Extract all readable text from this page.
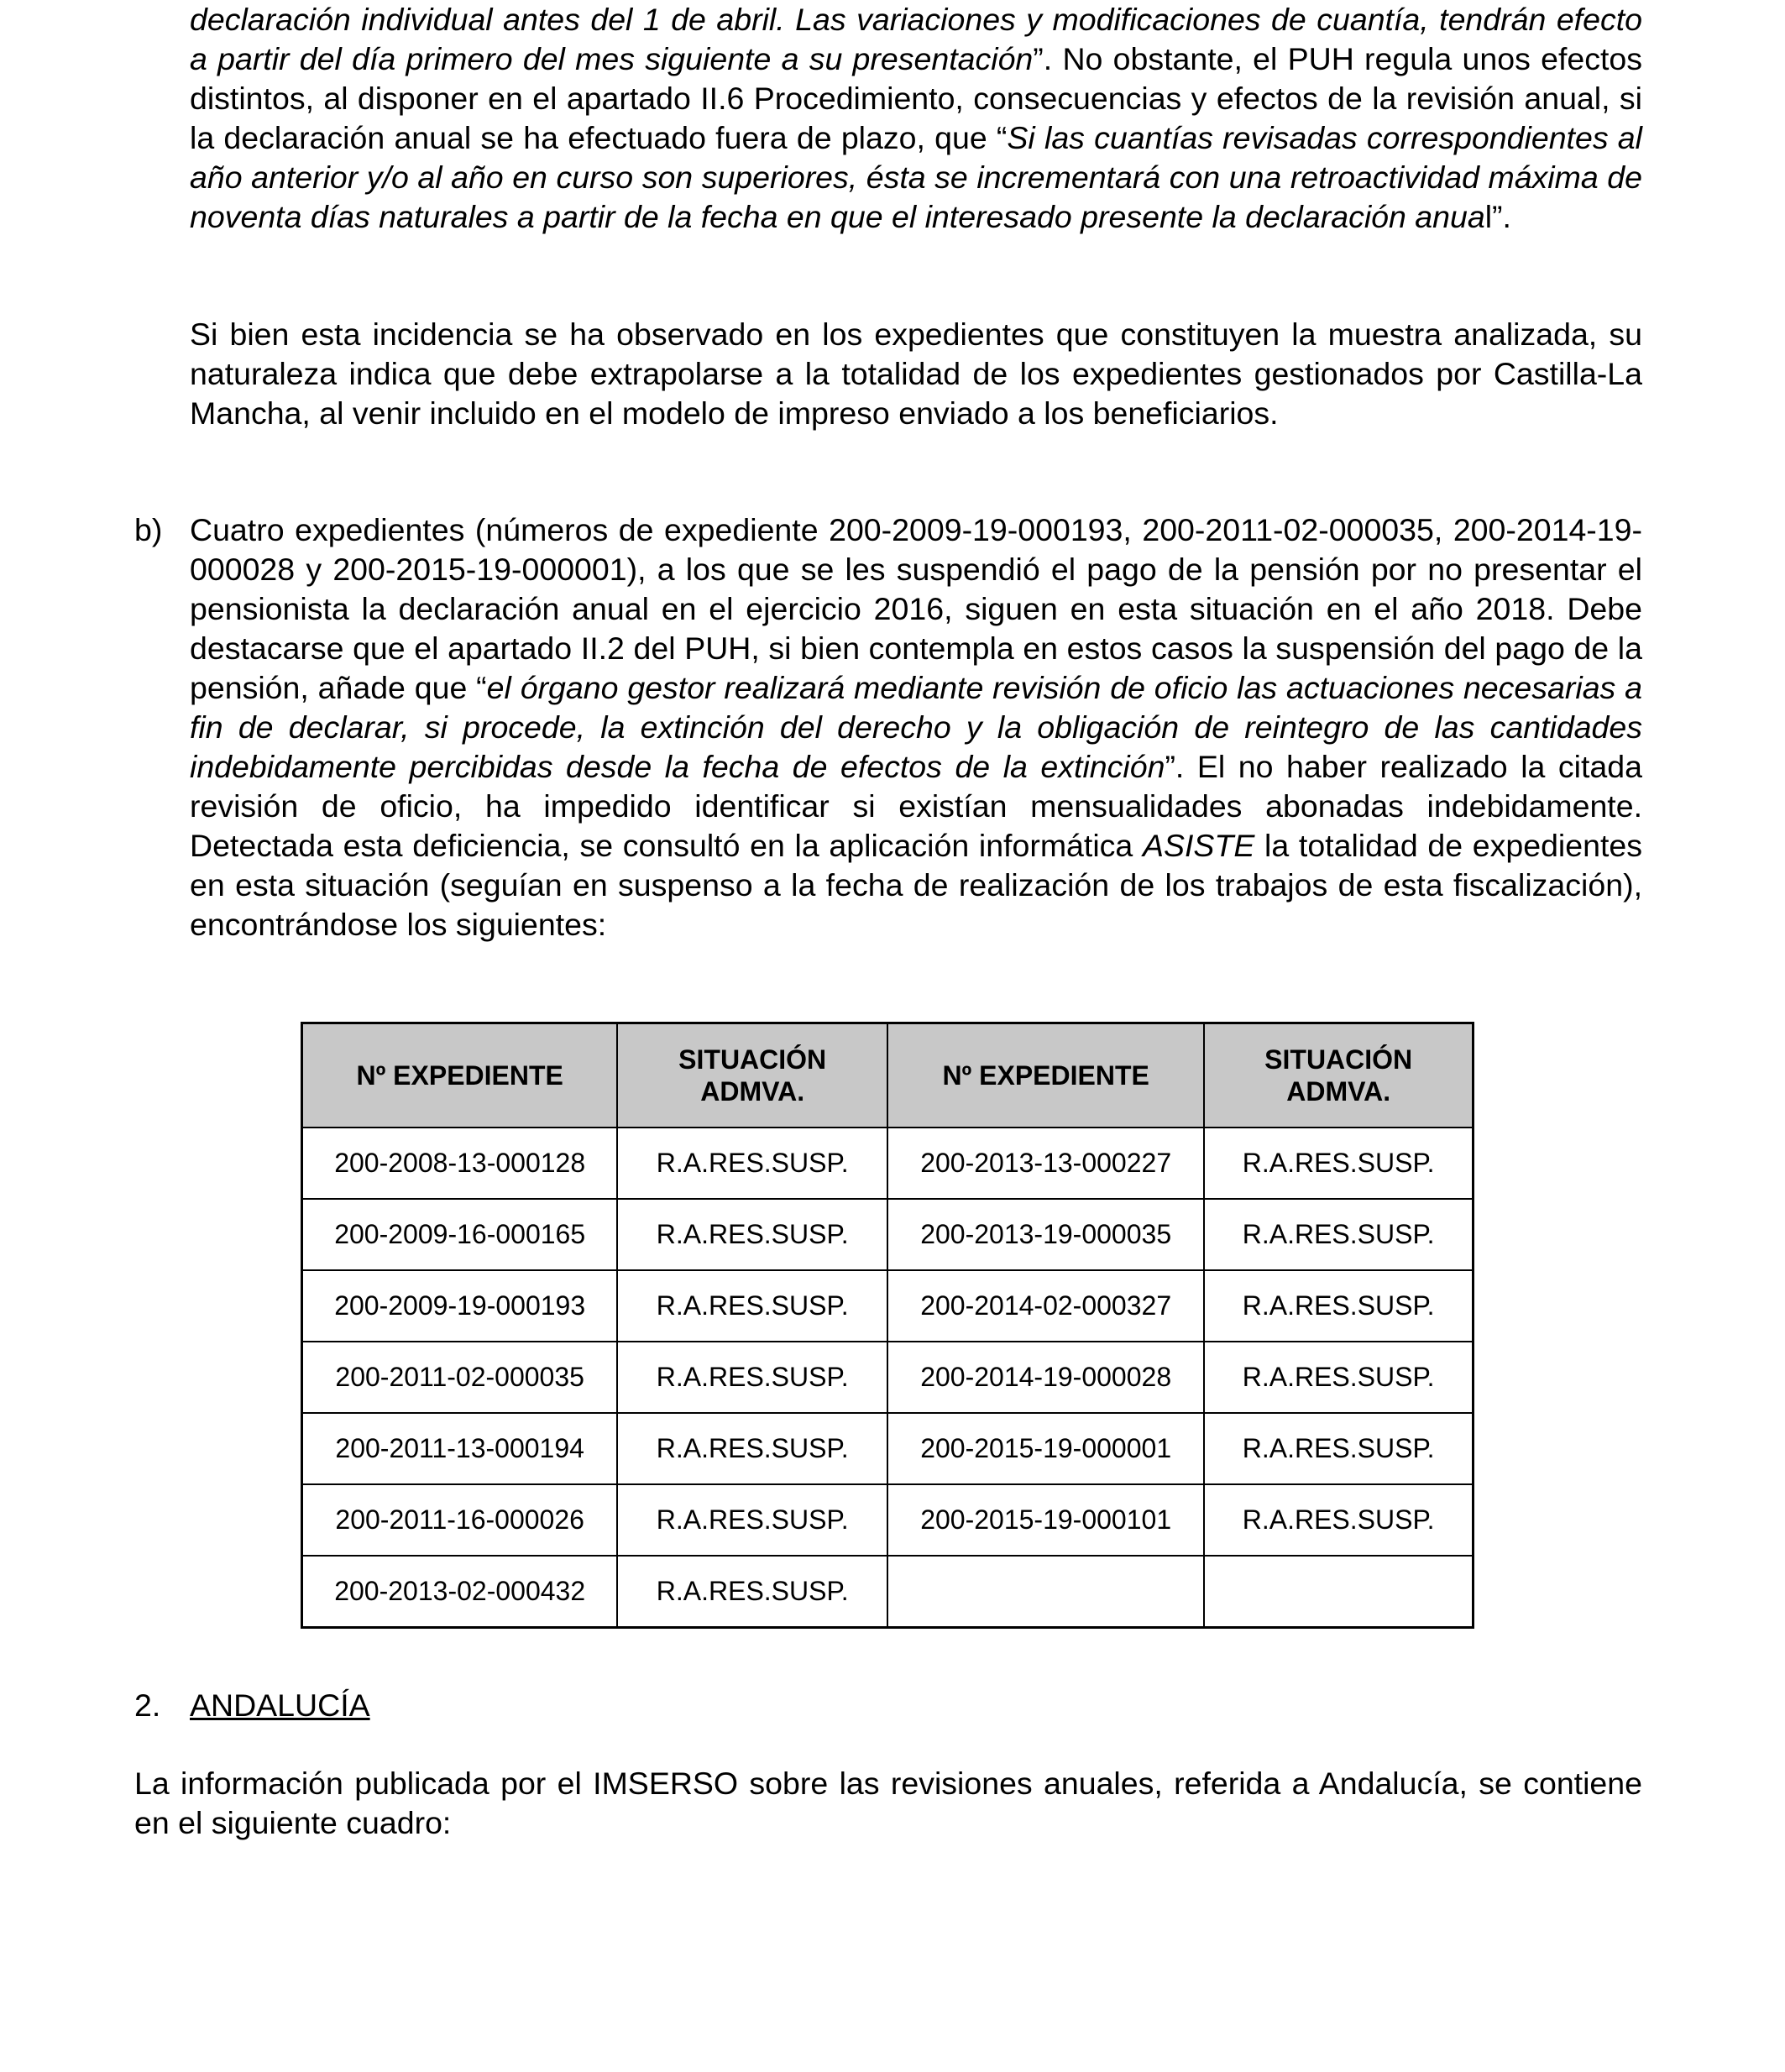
declaración individual antes del 1 de abril. Las variaciones y modificaciones de cuantía, tendrán efecto a partir del día primero del mes siguiente a su presentación”. No obstante, el PUH regula unos efectos distintos, al disponer en el apartado II.6 Procedimiento, consecuencias y efectos de la revisión anual, si la declaración anual se ha efectuado fuera de plazo, que “Si las cuantías revisadas correspondientes al año anterior y/o al año en curso son superiores, ésta se incrementará con una retroactividad máxima de noventa días naturales a partir de la fecha en que el interesado presente la declaración anual”.

Si bien esta incidencia se ha observado en los expedientes que constituyen la muestra analizada, su naturaleza indica que debe extrapolarse a la totalidad de los expedientes gestionados por Castilla-La Mancha, al venir incluido en el modelo de impreso enviado a los beneficiarios.

b) Cuatro expedientes (números de expediente 200-2009-19-000193, 200-2011-02-000035, 200-2014-19-000028 y 200-2015-19-000001), a los que se les suspendió el pago de la pensión por no presentar el pensionista la declaración anual en el ejercicio 2016, siguen en esta situación en el año 2018. Debe destacarse que el apartado II.2 del PUH, si bien contempla en estos casos la suspensión del pago de la pensión, añade que “el órgano gestor realizará mediante revisión de oficio las actuaciones necesarias a fin de declarar, si procede, la extinción del derecho y la obligación de reintegro de las cantidades indebidamente percibidas desde la fecha de efectos de la extinción”. El no haber realizado la citada revisión de oficio, ha impedido identificar si existían mensualidades abonadas indebidamente. Detectada esta deficiencia, se consultó en la aplicación informática ASISTE la totalidad de expedientes en esta situación (seguían en suspenso a la fecha de realización de los trabajos de esta fiscalización), encontrándose los siguientes:

Nº EXPEDIENTE	SITUACIÓN ADMVA.	Nº EXPEDIENTE	SITUACIÓN ADMVA.

200-2008-13-000128	R.A.RES.SUSP.	200-2013-13-000227	R.A.RES.SUSP.
200-2009-16-000165	R.A.RES.SUSP.	200-2013-19-000035	R.A.RES.SUSP.
200-2009-19-000193	R.A.RES.SUSP.	200-2014-02-000327	R.A.RES.SUSP.
200-2011-02-000035	R.A.RES.SUSP.	200-2014-19-000028	R.A.RES.SUSP.
200-2011-13-000194	R.A.RES.SUSP.	200-2015-19-000001	R.A.RES.SUSP.
200-2011-16-000026	R.A.RES.SUSP.	200-2015-19-000101	R.A.RES.SUSP.
200-2013-02-000432	R.A.RES.SUSP.		
2. ANDALUCÍA

La información publicada por el IMSERSO sobre las revisiones anuales, referida a Andalucía, se contiene en el siguiente cuadro:
